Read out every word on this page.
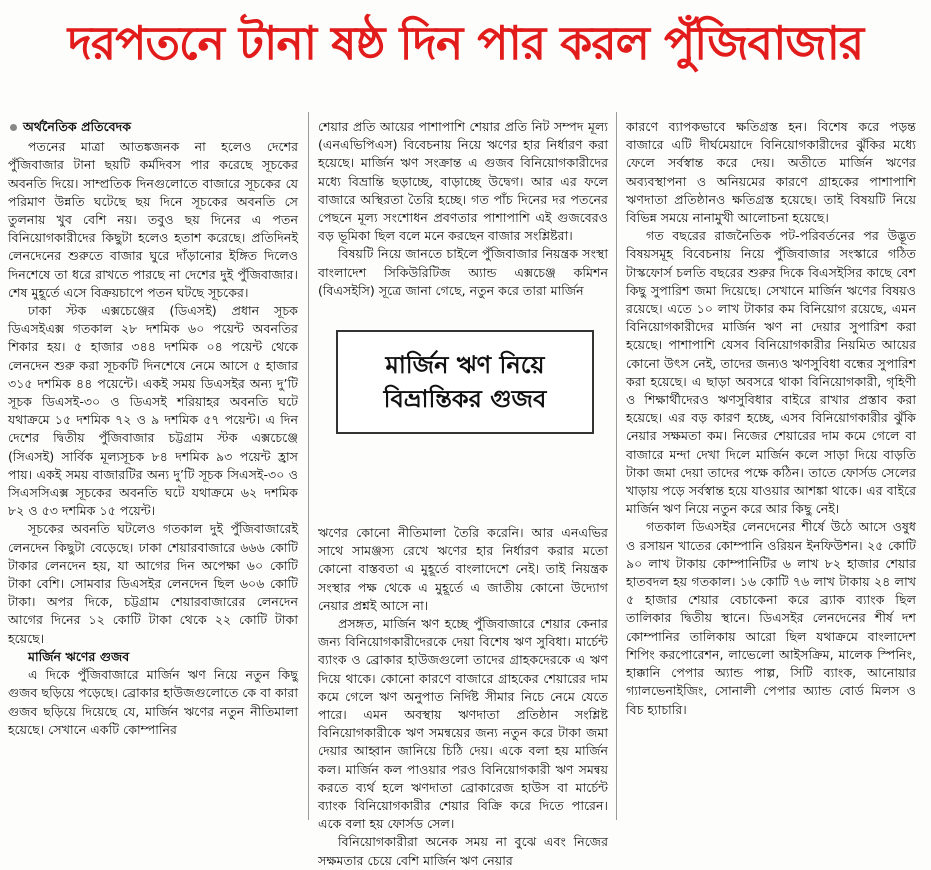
দরপতনে টানা ষষ্ঠ দিন পার করল পুঁজিবাজার
অর্থনৈতিক প্রতিবেদক

পতনের মাত্রা আতঙ্কজনক না হলেও দেশের পুঁজিবাজার টানা ছয়টি কর্মদিবস পার করেছে সূচকের অবনতি দিয়ে। সাম্প্রতিক দিনগুলোতে বাজারে সূচকের যে পরিমাণ উন্নতি ঘটেছে ছয় দিনে সূচকের অবনতি সে তুলনায় খুব বেশি নয়। তবুও ছয় দিনের এ পতন বিনিয়োগকারীদের কিছুটা হলেও হতাশ করেছে। প্রতিদিনই লেনদেনের শুরুতে বাজার ঘুরে দাঁড়ানোর ইঙ্গিত দিলেও দিনশেষে তা ধরে রাখতে পারছে না দেশের দুই পুঁজিবাজার। শেষ মুহূর্তে এসে বিক্রয়চাপে পতন ঘটছে সূচকের।

ঢাকা স্টক এক্সচেঞ্জের (ডিএসই) প্রধান সূচক ডিএসইএক্স গতকাল ২৮ দশমিক ৬০ পয়েন্ট অবনতির শিকার হয়। ৫ হাজার ৩৪৪ দশমিক ০৪ পয়েন্ট থেকে লেনদেন শুরু করা সূচকটি দিনশেষে নেমে আসে ৫ হাজার ৩১৫ দশমিক ৪৪ পয়েন্টে। একই সময় ডিএসইর অন্য দু’টি সূচক ডিএসই-৩০ ও ডিএসই শরিয়াহর অবনতি ঘটে যথাক্রমে ১৫ দশমিক ৭২ ও ৯ দশমিক ৫৭ পয়েন্ট। এ দিন দেশের দ্বিতীয় পুঁজিবাজার চট্টগ্রাম স্টক এক্সচেঞ্জে (সিএসই) সার্বিক মূল্যসূচক ৮৪ দশমিক ৯৩ পয়েন্ট হ্রাস পায়। একই সময় বাজারটির অন্য দু’টি সূচক সিএসই-৩০ ও সিএসসিএক্স সূচকের অবনতি ঘটে যথাক্রমে ৬২ দশমিক ৮২ ও ৫৩ দশমিক ১৫ পয়েন্ট।

সূচকের অবনতি ঘটলেও গতকাল দুই পুঁজিবাজারেই লেনদেন কিছুটা বেড়েছে। ঢাকা শেয়ারবাজারে ৬৬৬ কোটি টাকার লেনদেন হয়, যা আগের দিন অপেক্ষা ৬০ কোটি টাকা বেশি। সোমবার ডিএসইর লেনদেন ছিল ৬০৬ কোটি টাকা। অপর দিকে, চট্টগ্রাম শেয়ারবাজারের লেনদেন আগের দিনের ১২ কোটি টাকা থেকে ২২ কোটি টাকা হয়েছে।

মার্জিন ঋণের গুজব

এ দিকে পুঁজিবাজারে মার্জিন ঋণ নিয়ে নতুন কিছু গুজব ছড়িয়ে পড়েছে। ব্রোকার হাউজগুলোতে কে বা কারা গুজব ছড়িয়ে দিয়েছে যে, মার্জিন ঋণের নতুন নীতিমালা হয়েছে। সেখানে একটি কোম্পানির

শেয়ার প্রতি আয়ের পাশাপাশি শেয়ার প্রতি নিট সম্পদ মূল্য (এনএভিপিএস) বিবেচনায় নিয়ে ঋণের হার নির্ধারণ করা হয়েছে। মার্জিন ঋণ সংক্রান্ত এ গুজব বিনিয়োগকারীদের মধ্যে বিভ্রান্তি ছড়াচ্ছে, বাড়াচ্ছে উদ্বেগ। আর এর ফলে বাজারে অস্থিরতা তৈরি হচ্ছে। গত পাঁচ দিনের দর পতনের পেছনে মূল্য সংশোধন প্রবণতার পাশাপাশি এই গুজবেরও বড় ভূমিকা ছিল বলে মনে করছেন বাজার সংশ্লিষ্টরা।

বিষয়টি নিয়ে জানতে চাইলে পুঁজিবাজার নিয়ন্ত্রক সংস্থা বাংলাদেশ সিকিউরিটিজ অ্যান্ড এক্সচেঞ্জ কমিশন (বিএসইসি) সূত্রে জানা গেছে, নতুন করে তারা মার্জিন

ঋণের কোনো নীতিমালা তৈরি করেনি। আর এনএভির সাথে সামঞ্জস্য রেখে ঋণের হার নির্ধারণ করার মতো কোনো বাস্তবতা এ মুহূর্তে বাংলাদেশে নেই। তাই নিয়ন্ত্রক সংস্থার পক্ষ থেকে এ মুহূর্তে এ জাতীয় কোনো উদ্যোগ নেয়ার প্রশ্নই আসে না।

প্রসঙ্গত, মার্জিন ঋণ হচ্ছে পুঁজিবাজারে শেয়ার কেনার জন্য বিনিয়োগকারীদেরকে দেয়া বিশেষ ঋণ সুবিধা। মার্চেন্ট ব্যাংক ও ব্রোকার হাউজগুলো তাদের গ্রাহকদেরকে এ ঋণ দিয়ে থাকে। কোনো কারণে বাজারে গ্রাহকের শেয়ারের দাম কমে গেলে ঋণ অনুপাত নির্দিষ্ট সীমার নিচে নেমে যেতে পারে। এমন অবস্থায় ঋণদাতা প্রতিষ্ঠান সংশ্লিষ্ট বিনিয়োগকারীকে ঋণ সমন্বয়ের জন্য নতুন করে টাকা জমা দেয়ার আহ্বান জানিয়ে চিঠি দেয়। একে বলা হয় মার্জিন কল। মার্জিন কল পাওয়ার পরও বিনিয়োগকারী ঋণ সমন্বয় করতে ব্যর্থ হলে ঋণদাতা ব্রোকারেজ হাউস বা মার্চেন্ট ব্যাংক বিনিয়োগকারীর শেয়ার বিক্রি করে দিতে পারেন। একে বলা হয় ফোর্সড সেল।

বিনিয়োগকারীরা অনেক সময় না বুঝে এবং নিজের সক্ষমতার চেয়ে বেশি মার্জিন ঋণ নেয়ার

মার্জিন ঋণ নিয়ে
বিভ্রান্তিকর গুজব

কারণে ব্যাপকভাবে ক্ষতিগ্রস্ত হন। বিশেষ করে পড়ন্ত বাজারে এটি দীর্ঘমেয়াদে বিনিয়োগকারীদের ঝুঁকির মধ্যে ফেলে সর্বস্বান্ত করে দেয়। অতীতে মার্জিন ঋণের অব্যবস্থাপনা ও অনিয়মের কারণে গ্রাহকের পাশাপাশি ঋণদাতা প্রতিষ্ঠানও ক্ষতিগ্রস্ত হয়েছে। তাই বিষয়টি নিয়ে বিভিন্ন সময়ে নানামুখী আলোচনা হয়েছে।

গত বছরের রাজনৈতিক পট-পরিবর্তনের পর উদ্ভূত বিষয়সমূহ বিবেচনায় নিয়ে পুঁজিবাজার সংস্কারে গঠিত টাস্কফোর্স চলতি বছরের শুরুর দিকে বিএসইসির কাছে বেশ কিছু সুপারিশ জমা দিয়েছে। সেখানে মার্জিন ঋণের বিষয়ও রয়েছে। এতে ১০ লাখ টাকার কম বিনিয়োগ রয়েছে, এমন বিনিয়োগকারীদের মার্জিন ঋণ না দেয়ার সুপারিশ করা হয়েছে। পাশাপাশি যেসব বিনিয়োগকারীর নিয়মিত আয়ের কোনো উৎস নেই, তাদের জন্যও ঋণসুবিধা বন্ধের সুপারিশ করা হয়েছে। এ ছাড়া অবসরে থাকা বিনিয়োগকারী, গৃহিণী ও শিক্ষার্থীদেরও ঋণসুবিধার বাইরে রাখার প্রস্তাব করা হয়েছে। এর বড় কারণ হচ্ছে, এসব বিনিয়োগকারীর ঝুঁকি নেয়ার সক্ষমতা কম। নিজের শেয়ারের দাম কমে গেলে বা বাজারে মন্দা দেখা দিলে মার্জিন কলে সাড়া দিয়ে বাড়তি টাকা জমা দেয়া তাদের পক্ষে কঠিন। তাতে ফোর্সড সেলের খাড়ায় পড়ে সর্বস্বান্ত হয়ে যাওয়ার আশঙ্কা থাকে। এর বাইরে মার্জিন ঋণ নিয়ে নতুন করে আর কিছু নেই।

গতকাল ডিএসইর লেনদেনের শীর্ষে উঠে আসে ওষুধ ও রসায়ন খাতের কোম্পানি ওরিয়ন ইনফিউশন। ২৫ কোটি ৯০ লাখ টাকায় কোম্পানিটির ৬ লাখ ৮২ হাজার শেয়ার হাতবদল হয় গতকাল। ১৬ কোটি ৭৬ লাখ টাকায় ২৪ লাখ ৫ হাজার শেয়ার বেচাকেনা করে ব্র্যাক ব্যাংক ছিল তালিকার দ্বিতীয় স্থানে। ডিএসইর লেনদেনের শীর্ষ দশ কোম্পানির তালিকায় আরো ছিল যথাক্রমে বাংলাদেশ শিপিং করপোরেশন, লাভেলো আইসক্রিম, মালেক স্পিনিং, হাক্কানি পেপার অ্যান্ড পাল্প, সিটি ব্যাংক, আনোয়ার গ্যালভেনাইজিং, সোনালী পেপার অ্যান্ড বোর্ড মিলস ও বিচ হ্যাচারি।
